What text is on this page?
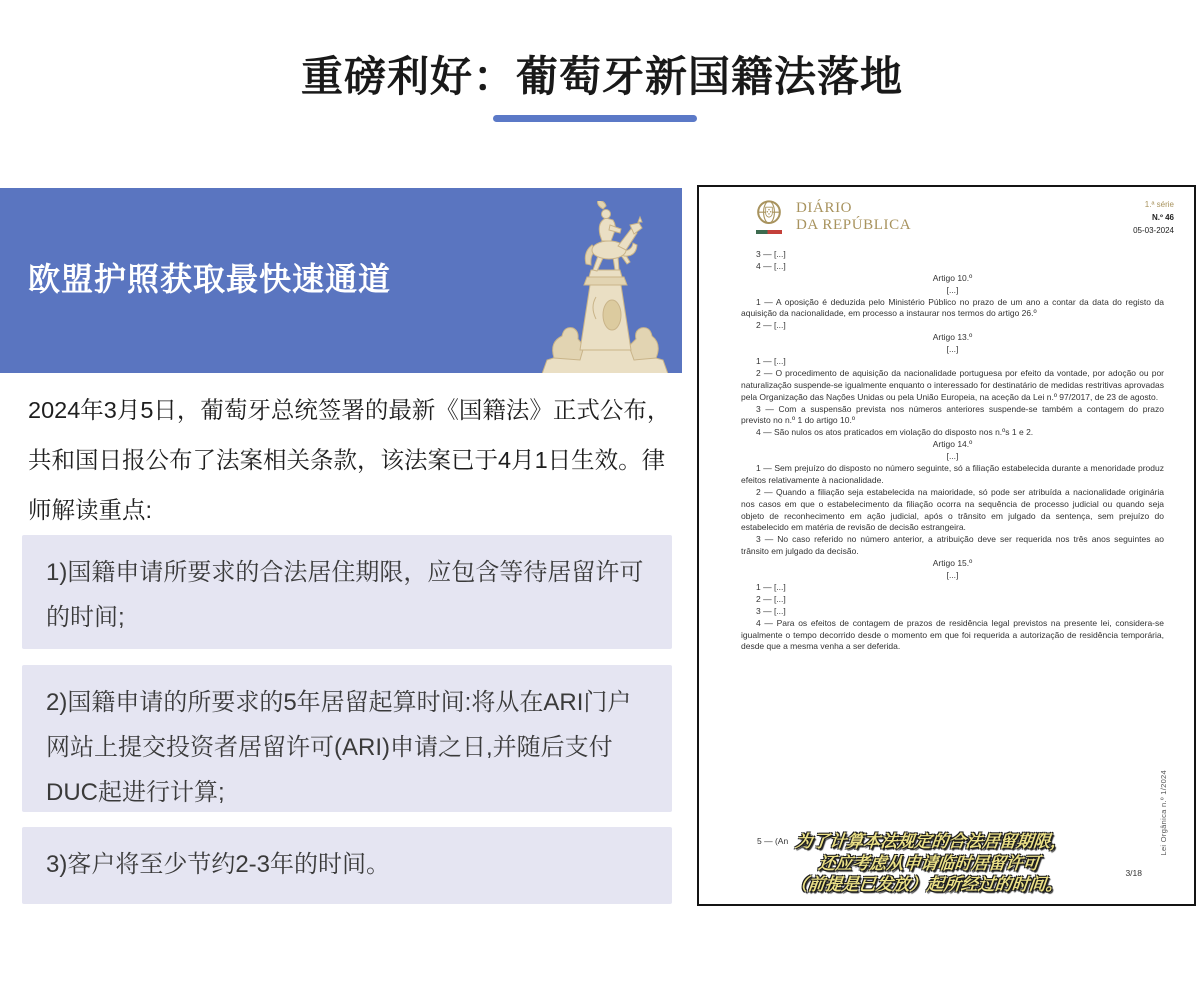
重磅利好：葡萄牙新国籍法落地
欧盟护照获取最快速通道

2024年3月5日，葡萄牙总统签署的最新《国籍法》正式公布，共和国日报公布了法案相关条款，该法案已于4月1日生效。律师解读重点:

1)国籍申请所要求的合法居住期限，应包含等待居留许可的时间;

2)国籍申请的所要求的5年居留起算时间:将从在ARI门户网站上提交投资者居留许可(ARI)申请之日,并随后支付DUC起进行计算;

3)客户将至少节约2-3年的时间。

DIÁRIO
DA REPÚBLICA

1.ª série
N.º 46
05-03-2024

3 — [...]

4 — [...]

Artigo 10.º

[...]

1 — A oposição é deduzida pelo Ministério Público no prazo de um ano a contar da data do registo da aquisição da nacionalidade, em processo a instaurar nos termos do artigo 26.º

2 — [...]

Artigo 13.º

[...]

1 — [...]

2 — O procedimento de aquisição da nacionalidade portuguesa por efeito da vontade, por adoção ou por naturalização suspende-se igualmente enquanto o interessado for destinatário de medidas restritivas aprovadas pela Organização das Nações Unidas ou pela União Europeia, na aceção da Lei n.º 97/2017, de 23 de agosto.

3 — Com a suspensão prevista nos números anteriores suspende-se também a contagem do prazo previsto no n.º 1 do artigo 10.º

4 — São nulos os atos praticados em violação do disposto nos n.ºs 1 e 2.

Artigo 14.º

[...]

1 — Sem prejuízo do disposto no número seguinte, só a filiação estabelecida durante a menoridade produz efeitos relativamente à nacionalidade.

2 — Quando a filiação seja estabelecida na maioridade, só pode ser atribuída a nacionalidade originária nos casos em que o estabelecimento da filiação ocorra na sequência de processo judicial ou quando seja objeto de reconhecimento em ação judicial, após o trânsito em julgado da sentença, sem prejuízo do estabelecido em matéria de revisão de decisão estrangeira.

3 — No caso referido no número anterior, a atribuição deve ser requerida nos três anos seguintes ao trânsito em julgado da decisão.

Artigo 15.º

[...]

1 — [...]

2 — [...]

3 — [...]

4 — Para os efeitos de contagem de prazos de residência legal previstos na presente lei, considera-se igualmente o tempo decorrido desde o momento em que foi requerida a autorização de residência temporária, desde que a mesma venha a ser deferida.

5 — (An 为了计算本法规定的合法居留期限，
还应考虑从申请临时居留许可
（前提是已发放）起所经过的时间。
Lei Orgânica n.º 1/2024
3/18
